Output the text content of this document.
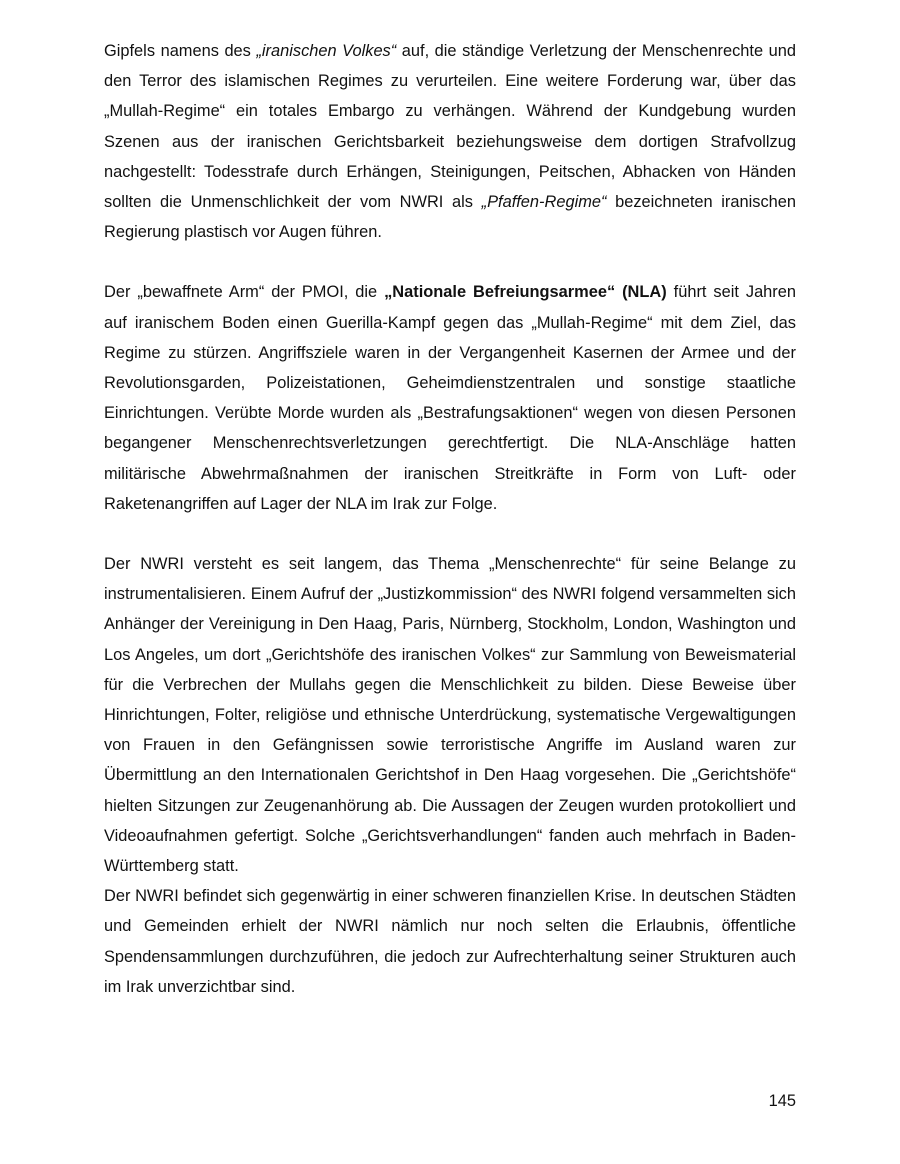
Gipfels namens des „iranischen Volkes“ auf, die ständige Verletzung der Menschenrechte und den Terror des islamischen Regimes zu verurteilen. Eine weitere Forderung war, über das „Mullah-Regime“ ein totales Embargo zu verhängen. Während der Kundgebung wurden Szenen aus der iranischen Gerichtsbarkeit beziehungsweise dem dortigen Strafvollzug nachgestellt: Todesstrafe durch Erhängen, Steinigungen, Peitschen, Abhacken von Händen sollten die Unmenschlichkeit der vom NWRI als „Pfaffen-Regime“ bezeichneten iranischen Regierung plastisch vor Augen führen.

Der „bewaffnete Arm“ der PMOI, die „Nationale Befreiungsarmee“ (NLA) führt seit Jahren auf iranischem Boden einen Guerilla-Kampf gegen das „Mullah-Regime“ mit dem Ziel, das Regime zu stürzen. Angriffsziele waren in der Vergangenheit Kasernen der Armee und der Revolutionsgarden, Polizeistationen, Geheimdienstzentralen und sonstige staatliche Einrichtungen. Verübte Morde wurden als „Bestrafungsaktionen“ wegen von diesen Personen begangener Menschenrechtsverletzungen gerechtfertigt. Die NLA-Anschläge hatten militärische Abwehrmaßnahmen der iranischen Streitkräfte in Form von Luft- oder Raketenangriffen auf Lager der NLA im Irak zur Folge.

Der NWRI versteht es seit langem, das Thema „Menschenrechte“ für seine Belange zu instrumentalisieren. Einem Aufruf der „Justizkommission“ des NWRI folgend versammelten sich Anhänger der Vereinigung in Den Haag, Paris, Nürnberg, Stockholm, London, Washington und Los Angeles, um dort „Gerichtshöfe des iranischen Volkes“ zur Sammlung von Beweismaterial für die Verbrechen der Mullahs gegen die Menschlichkeit zu bilden. Diese Beweise über Hinrichtungen, Folter, religiöse und ethnische Unterdrückung, systematische Vergewaltigungen von Frauen in den Gefängnissen sowie terroristische Angriffe im Ausland waren zur Übermittlung an den Internationalen Gerichtshof in Den Haag vorgesehen. Die „Gerichtshöfe“ hielten Sitzungen zur Zeugenanhörung ab. Die Aussagen der Zeugen wurden protokolliert und Videoaufnahmen gefertigt. Solche „Gerichtsverhandlungen“ fanden auch mehrfach in Baden-Württemberg statt.

Der NWRI befindet sich gegenwärtig in einer schweren finanziellen Krise. In deutschen Städten und Gemeinden erhielt der NWRI nämlich nur noch selten die Erlaubnis, öffentliche Spendensammlungen durchzuführen, die jedoch zur Aufrechterhaltung seiner Strukturen auch im Irak unverzichtbar sind.

145
